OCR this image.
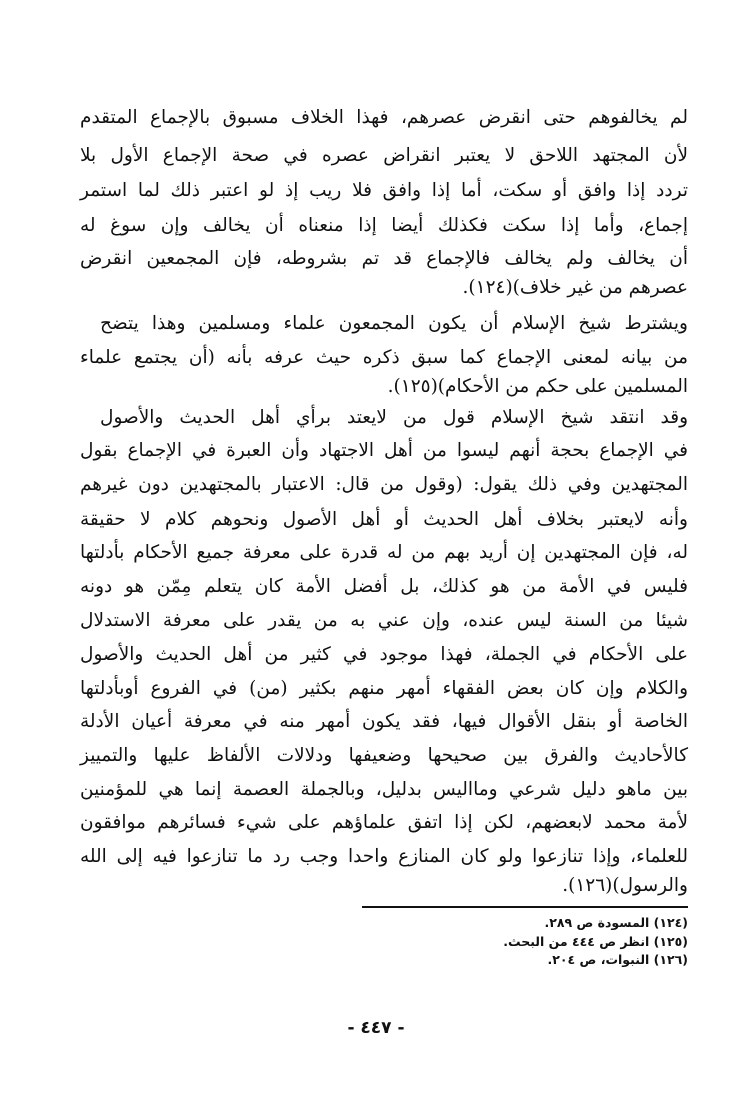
لم يخالفوهم حتى انقرض عصرهم، فهذا الخلاف مسبوق بالإجماع المتقدم
لأن المجتهد اللاحق لا يعتبر انقراض عصره في صحة الإجماع الأول بلا
تردد إذا وافق أو سكت، أما إذا وافق فلا ريب إذ لو اعتبر ذلك لما استمر
إجماع، وأما إذا سكت فكذلك أيضا إذا منعناه أن يخالف وإن سوغ له
أن يخالف ولم يخالف فالإجماع قد تم بشروطه، فإن المجمعين انقرض
عصرهم من غير خلاف)(١٢٤).
ويشترط شيخ الإسلام أن يكون المجمعون علماء ومسلمين وهذا يتضح
من بيانه لمعنى الإجماع كما سبق ذكره حيث عرفه بأنه (أن يجتمع علماء
المسلمين على حكم من الأحكام)(١٢٥).
وقد انتقد شيخ الإسلام قول من لايعتد برأي أهل الحديث والأصول
في الإجماع بحجة أنهم ليسوا من أهل الاجتهاد وأن العبرة في الإجماع بقول
المجتهدين وفي ذلك يقول: (وقول من قال: الاعتبار بالمجتهدين دون غيرهم
وأنه لايعتبر بخلاف أهل الحديث أو أهل الأصول ونحوهم كلام لا حقيقة
له، فإن المجتهدين إن أريد بهم من له قدرة على معرفة جميع الأحكام بأدلتها
فليس في الأمة من هو كذلك، بل أفضل الأمة كان يتعلم مِمّن هو دونه
شيئا من السنة ليس عنده، وإن عني به من يقدر على معرفة الاستدلال
على الأحكام في الجملة، فهذا موجود في كثير من أهل الحديث والأصول
والكلام وإن كان بعض الفقهاء أمهر منهم بكثير (من) في الفروع أوبأدلتها
الخاصة أو بنقل الأقوال فيها، فقد يكون أمهر منه في معرفة أعيان الأدلة
كالأحاديث والفرق بين صحيحها وضعيفها ودلالات الألفاظ عليها والتمييز
بين ماهو دليل شرعي ومااليس بدليل، وبالجملة العصمة إنما هي للمؤمنين
لأمة محمد لابعضهم، لكن إذا اتفق علماؤهم على شيء فسائرهم موافقون
للعلماء، وإذا تنازعوا ولو كان المنازع واحدا وجب رد ما تنازعوا فيه إلى الله
والرسول)(١٢٦).
(١٢٤) المسودة ص ٢٨٩.
(١٢٥) انظر ص ٤٤٤ من البحث.
(١٢٦) النبوات، ص ٢٠٤.
- ٤٤٧ -
